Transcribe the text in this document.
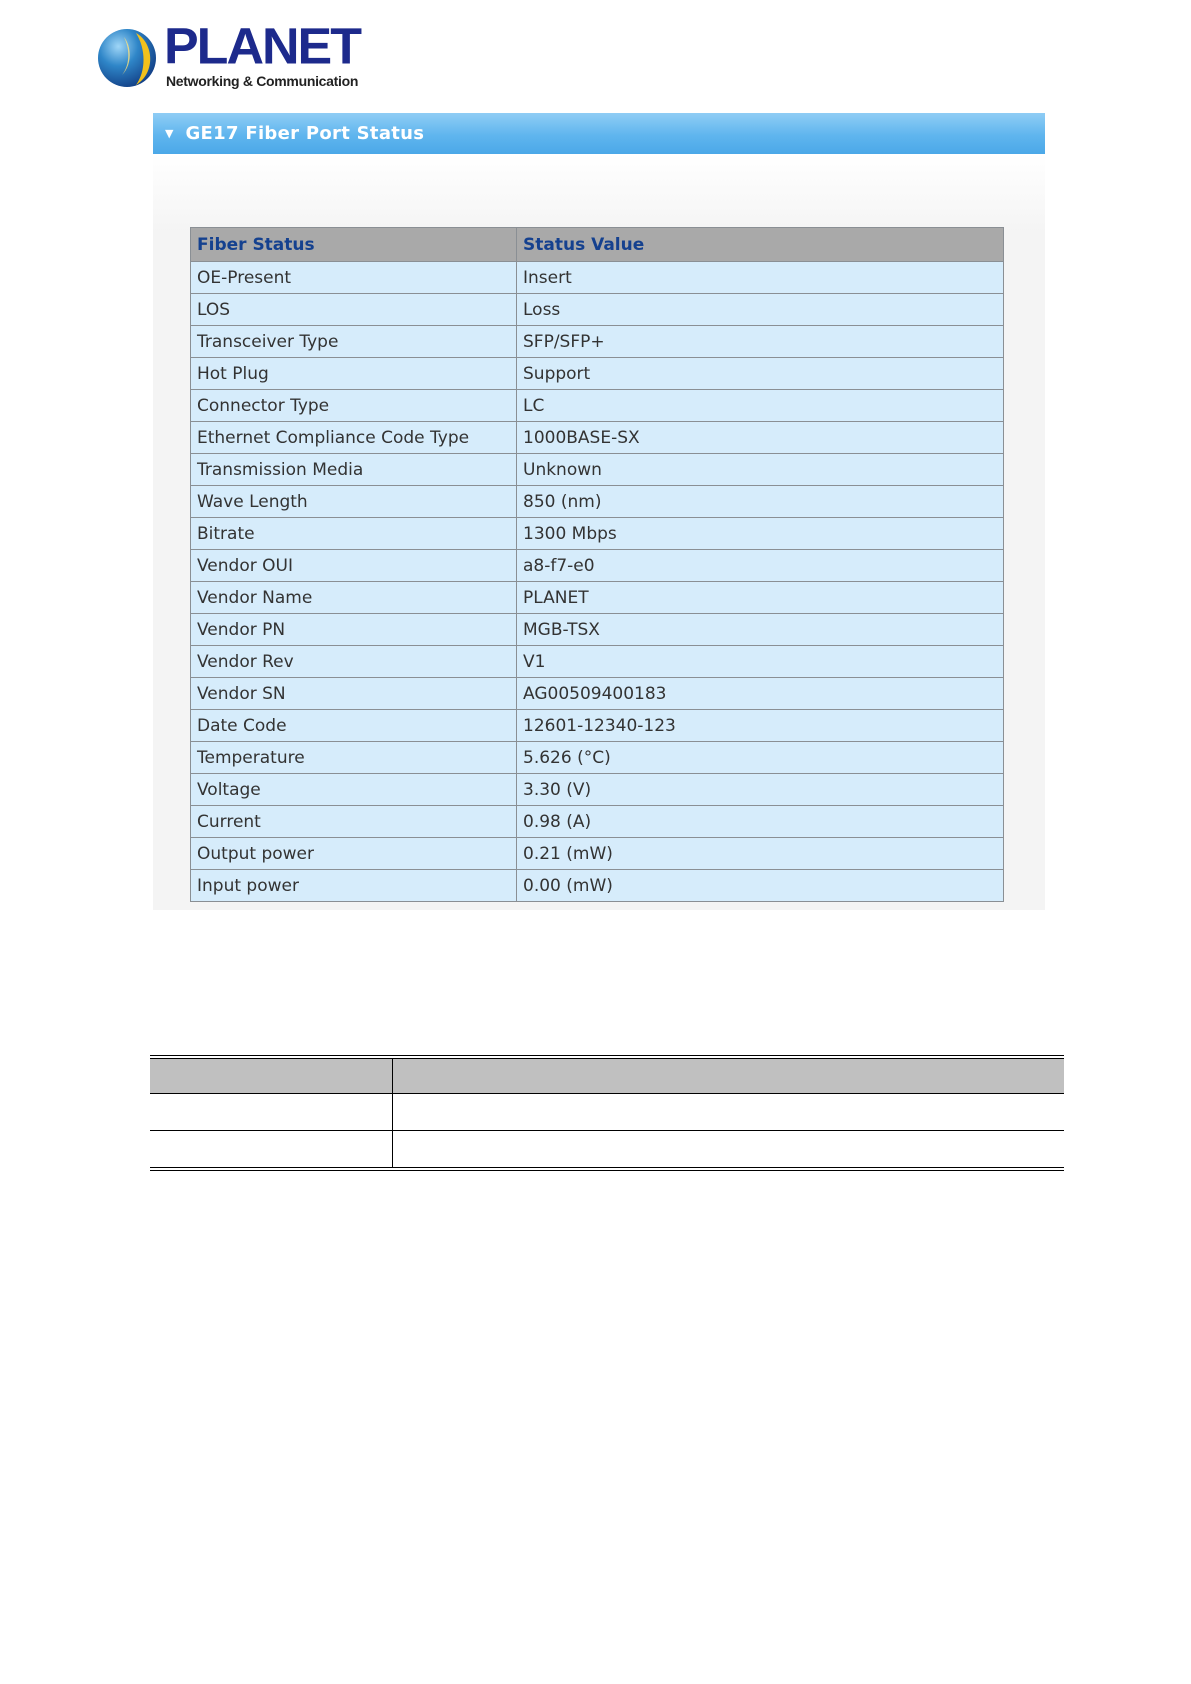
PLANET
Networking & Communication
▼ GE17 Fiber Port Status
Fiber Status	Status Value
OE-Present	Insert
LOS	Loss
Transceiver Type	SFP/SFP+
Hot Plug	Support
Connector Type	LC
Ethernet Compliance Code Type	1000BASE-SX
Transmission Media	Unknown
Wave Length	850 (nm)
Bitrate	1300 Mbps
Vendor OUI	a8-f7-e0
Vendor Name	PLANET
Vendor PN	MGB-TSX
Vendor Rev	V1
Vendor SN	AG00509400183
Date Code	12601-12340-123
Temperature	5.626 (°C)
Voltage	3.30 (V)
Current	0.98 (A)
Output power	0.21 (mW)
Input power	0.00 (mW)
